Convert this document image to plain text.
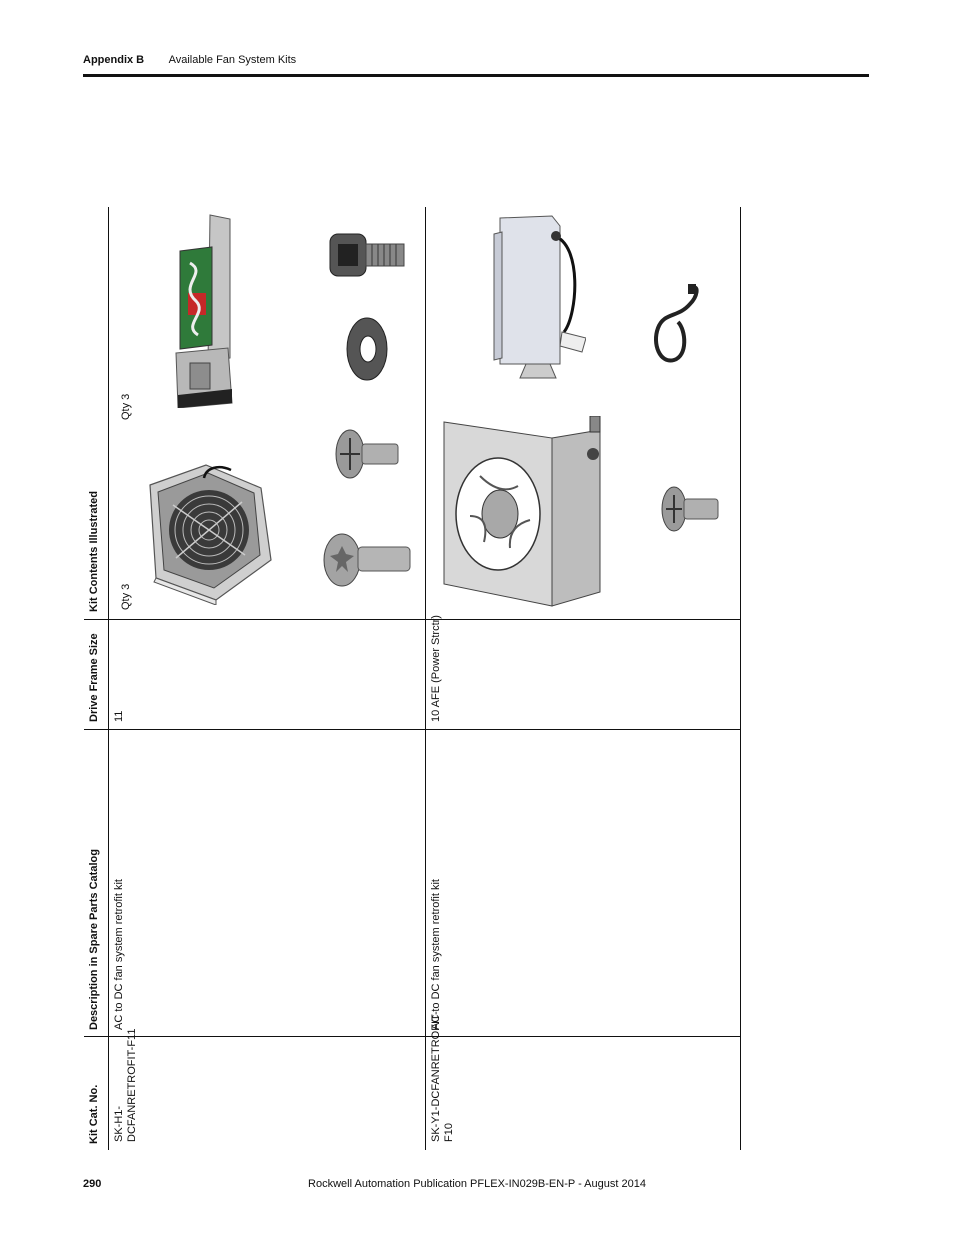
Appendix B Available Fan System Kits
Kit Cat. No.
Description in Spare Parts Catalog
Drive Frame Size
Kit Contents Illustrated
SK-H1- DCFANRETROFIT-F11
AC to DC fan system retrofit kit
11
Qty 3
Qty 3
SK-Y1-DCFANRETROFIT- F10
AC to DC fan system retrofit kit
10 AFE (Power Strctr)
290	Rockwell Automation Publication PFLEX-IN029B-EN-P - August 2014
